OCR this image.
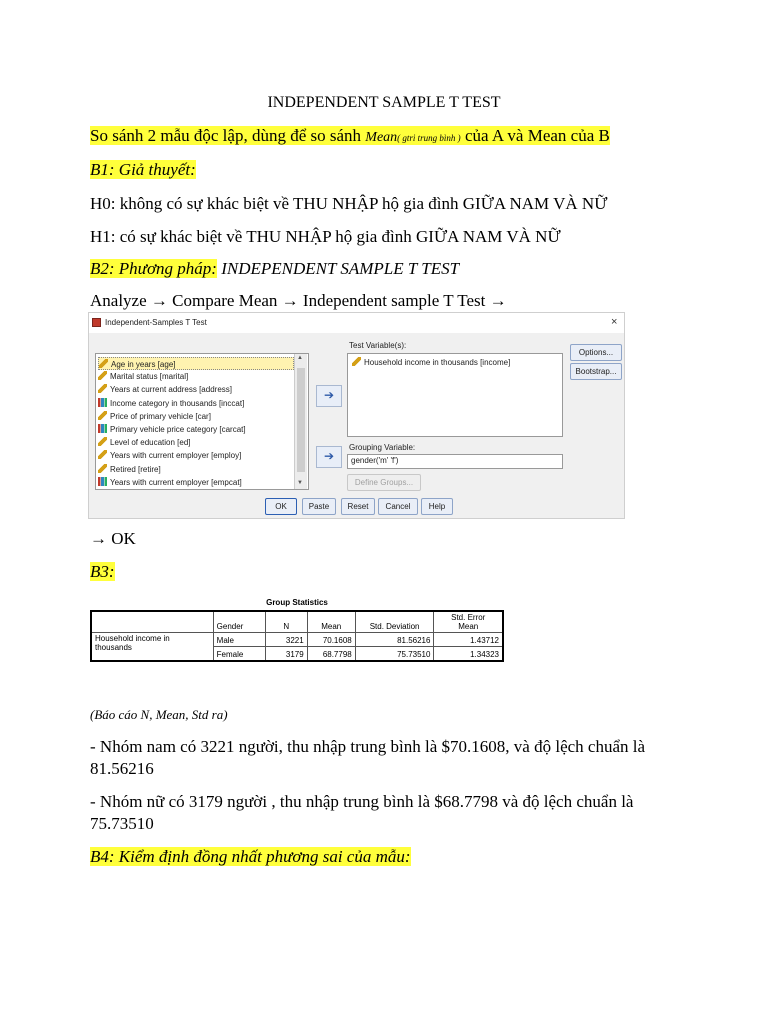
INDEPENDENT SAMPLE T TEST
So sánh 2 mẫu độc lập, dùng để so sánh Mean( gtri trung bình ) của A và Mean của B
B1: Giả thuyết:
H0: không có sự khác biệt về THU NHẬP hộ gia đình GIỮA NAM VÀ NỮ
H1: có sự khác biệt về THU NHẬP hộ gia đình GIỮA NAM VÀ NỮ
B2: Phương pháp: INDEPENDENT SAMPLE T TEST
Analyze → Compare Mean → Independent sample T Test →
Independent-Samples T Test	×
Age in years [age]
Marital status [marital]
Years at current address [address]
Income category in thousands [inccat]
Price of primary vehicle [car]
Primary vehicle price category [carcat]
Level of education [ed]
Years with current employer [employ]
Retired [retire]
Years with current employer [empcat]
▲
▼
➔
➔
Test Variable(s):
Household income in thousands [income]
Grouping Variable:
gender('m' 'f')
Define Groups...
Options...
Bootstrap...
OK	Paste	Reset	Cancel	Help
→ OK
B3:
Group Statistics
	Gender	N	Mean	Std. Deviation	Std. Error
Mean
Household income in
thousands	Male	3221	70.1608	81.56216	1.43712
	Female	3179	68.7798	75.73510	1.34323
(Báo cáo N, Mean, Std ra)
- Nhóm nam có 3221 người, thu nhập trung bình là $70.1608, và độ lệch chuẩn là
81.56216
- Nhóm nữ có 3179 người , thu nhập trung bình là $68.7798 và độ lệch chuẩn là
75.73510
B4: Kiểm định đồng nhất phương sai của mẫu:
